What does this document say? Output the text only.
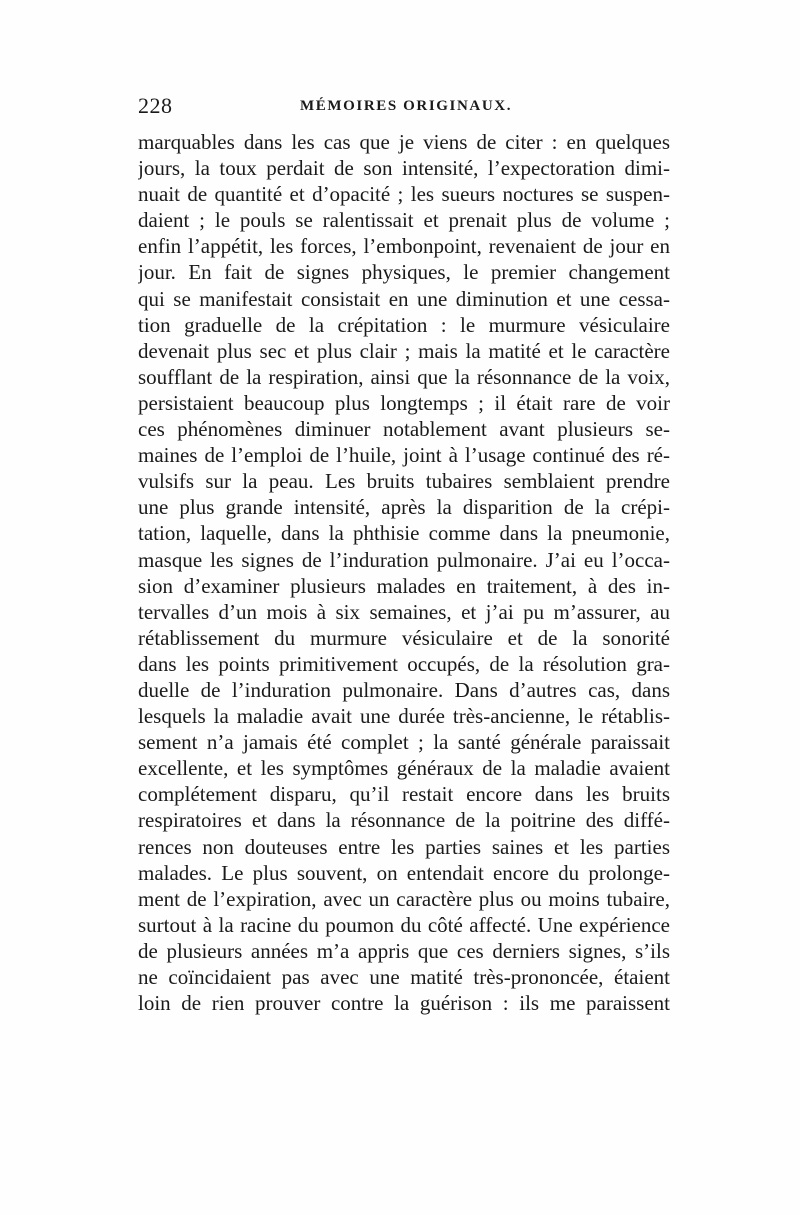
228	MÉMOIRES ORIGINAUX.
marquables dans les cas que je viens de citer : en quelques
jours, la toux perdait de son intensité, l’expectoration dimi-
nuait de quantité et d’opacité ; les sueurs noctures se suspen-
daient ; le pouls se ralentissait et prenait plus de volume ;
enfin l’appétit, les forces, l’embonpoint, revenaient de jour en
jour. En fait de signes physiques, le premier changement
qui se manifestait consistait en une diminution et une cessa-
tion graduelle de la crépitation : le murmure vésiculaire
devenait plus sec et plus clair ; mais la matité et le caractère
soufflant de la respiration, ainsi que la résonnance de la voix,
persistaient beaucoup plus longtemps ; il était rare de voir
ces phénomènes diminuer notablement avant plusieurs se-
maines de l’emploi de l’huile, joint à l’usage continué des ré-
vulsifs sur la peau. Les bruits tubaires semblaient prendre
une plus grande intensité, après la disparition de la crépi-
tation, laquelle, dans la phthisie comme dans la pneumonie,
masque les signes de l’induration pulmonaire. J’ai eu l’occa-
sion d’examiner plusieurs malades en traitement, à des in-
tervalles d’un mois à six semaines, et j’ai pu m’assurer, au
rétablissement du murmure vésiculaire et de la sonorité
dans les points primitivement occupés, de la résolution gra-
duelle de l’induration pulmonaire. Dans d’autres cas, dans
lesquels la maladie avait une durée très-ancienne, le rétablis-
sement n’a jamais été complet ; la santé générale paraissait
excellente, et les symptômes généraux de la maladie avaient
complétement disparu, qu’il restait encore dans les bruits
respiratoires et dans la résonnance de la poitrine des diffé-
rences non douteuses entre les parties saines et les parties
malades. Le plus souvent, on entendait encore du prolonge-
ment de l’expiration, avec un caractère plus ou moins tubaire,
surtout à la racine du poumon du côté affecté. Une expérience
de plusieurs années m’a appris que ces derniers signes, s’ils
ne coïncidaient pas avec une matité très-prononcée, étaient
loin de rien prouver contre la guérison : ils me paraissent
